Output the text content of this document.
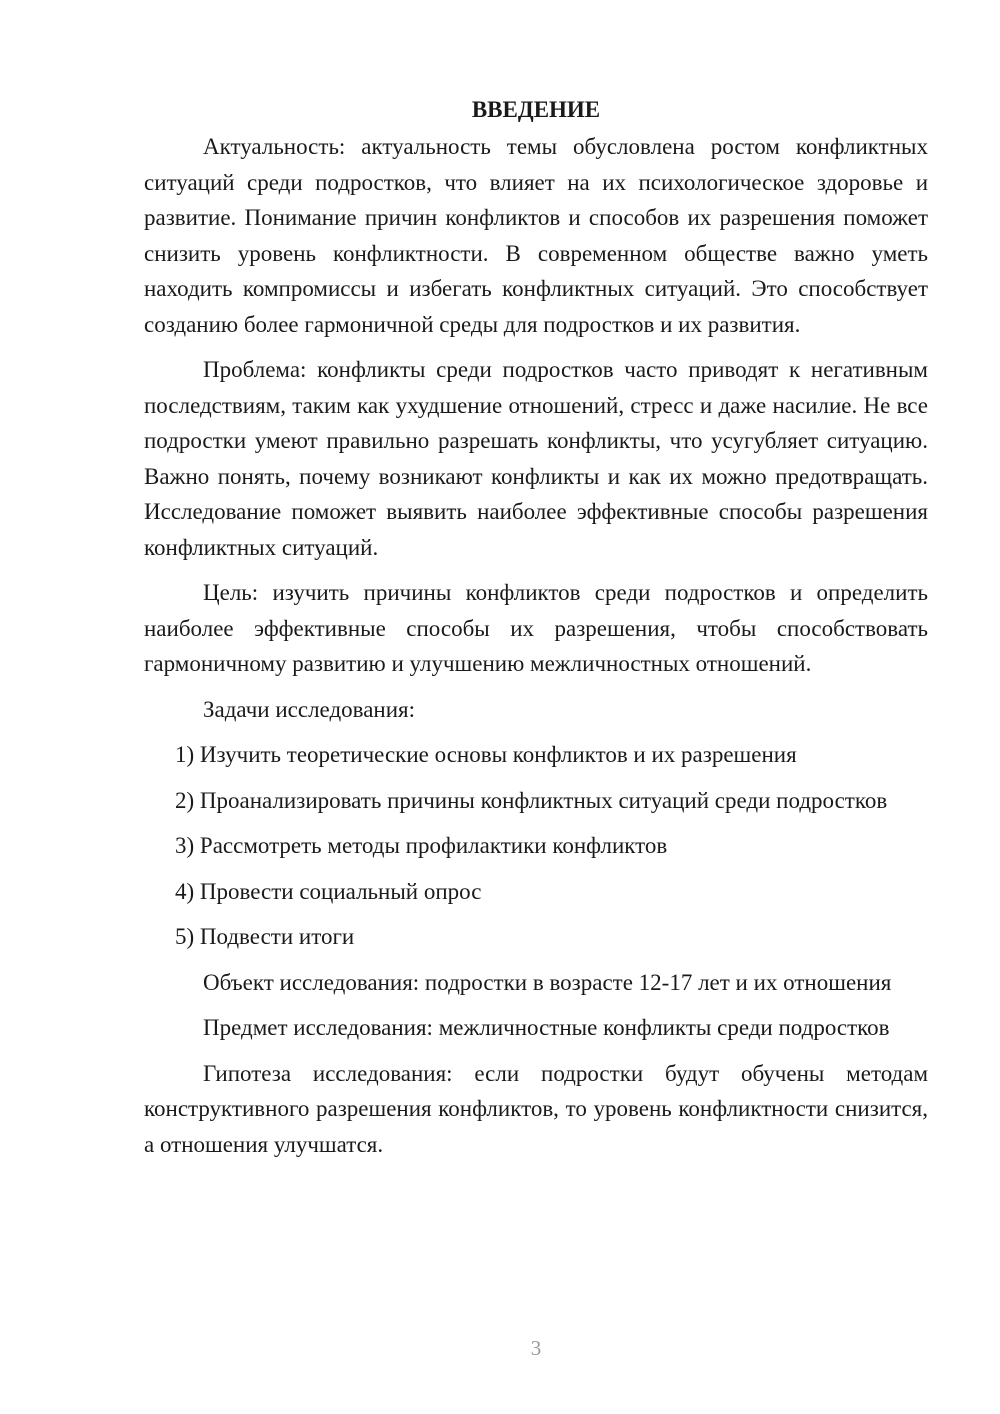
ВВЕДЕНИЕ

Актуальность: актуальность темы обусловлена ростом конфликтных ситуаций среди подростков, что влияет на их психологическое здоровье и развитие. Понимание причин конфликтов и способов их разрешения поможет снизить уровень конфликтности. В современном обществе важно уметь находить компромиссы и избегать конфликтных ситуаций. Это способствует созданию более гармоничной среды для подростков и их развития.

Проблема: конфликты среди подростков часто приводят к негативным последствиям, таким как ухудшение отношений, стресс и даже насилие. Не все подростки умеют правильно разрешать конфликты, что усугубляет ситуацию. Важно понять, почему возникают конфликты и как их можно предотвращать. Исследование поможет выявить наиболее эффективные способы разрешения конфликтных ситуаций.

Цель: изучить причины конфликтов среди подростков и определить наиболее эффективные способы их разрешения, чтобы способствовать гармоничному развитию и улучшению межличностных отношений.

Задачи исследования:

1) Изучить теоретические основы конфликтов и их разрешения

2) Проанализировать причины конфликтных ситуаций среди подростков

3) Рассмотреть методы профилактики конфликтов

4) Провести социальный опрос

5) Подвести итоги

Объект исследования: подростки в возрасте 12-17 лет и их отношения

Предмет исследования: межличностные конфликты среди подростков

Гипотеза исследования: если подростки будут обучены методам конструктивного разрешения конфликтов, то уровень конфликтности снизится, а отношения улучшатся.

3
